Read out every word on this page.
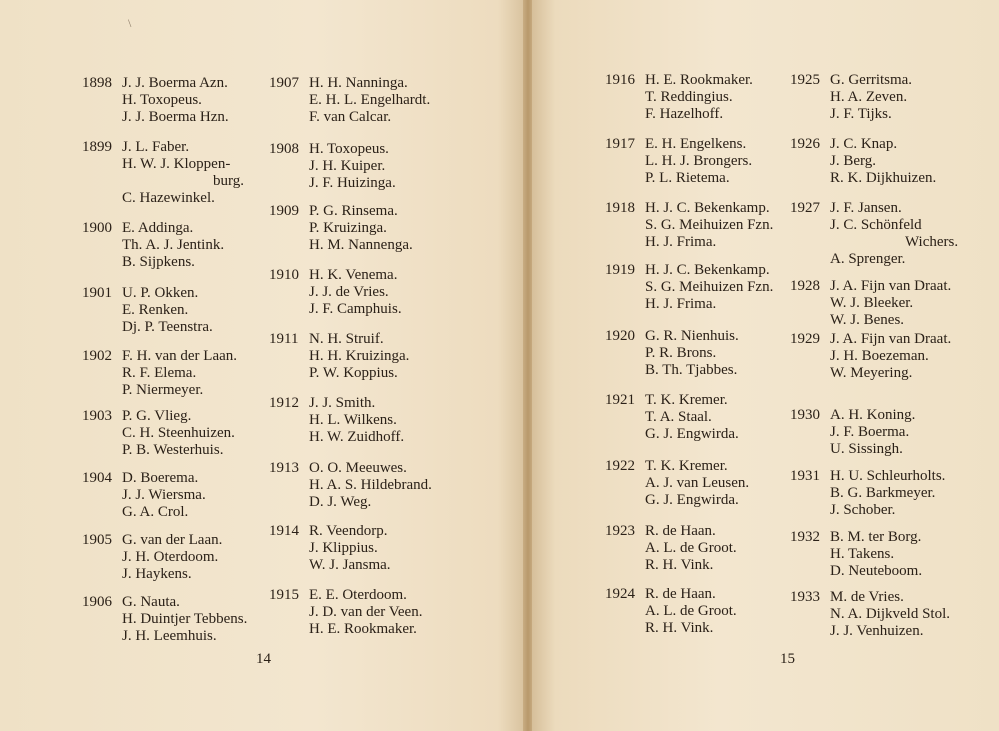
\
1898 J. J. Boerma Azn.
H. Toxopeus.
J. J. Boerma Hzn.
1899 J. L. Faber.
H. W. J. Kloppen-
burg.
C. Hazewinkel.
1900 E. Addinga.
Th. A. J. Jentink.
B. Sijpkens.
1901 U. P. Okken.
E. Renken.
Dj. P. Teenstra.
1902 F. H. van der Laan.
R. F. Elema.
P. Niermeyer.
1903 P. G. Vlieg.
C. H. Steenhuizen.
P. B. Westerhuis.
1904 D. Boerema.
J. J. Wiersma.
G. A. Crol.
1905 G. van der Laan.
J. H. Oterdoom.
J. Haykens.
1906 G. Nauta.
H. Duintjer Tebbens.
J. H. Leemhuis.
1907 H. H. Nanninga.
E. H. L. Engelhardt.
F. van Calcar.
1908 H. Toxopeus.
J. H. Kuiper.
J. F. Huizinga.
1909 P. G. Rinsema.
P. Kruizinga.
H. M. Nannenga.
1910 H. K. Venema.
J. J. de Vries.
J. F. Camphuis.
1911 N. H. Struif.
H. H. Kruizinga.
P. W. Koppius.
1912 J. J. Smith.
H. L. Wilkens.
H. W. Zuidhoff.
1913 O. O. Meeuwes.
H. A. S. Hildebrand.
D. J. Weg.
1914 R. Veendorp.
J. Klippius.
W. J. Jansma.
1915 E. E. Oterdoom.
J. D. van der Veen.
H. E. Rookmaker.
1916 H. E. Rookmaker.
T. Reddingius.
F. Hazelhoff.
1917 E. H. Engelkens.
L. H. J. Brongers.
P. L. Rietema.
1918 H. J. C. Bekenkamp.
S. G. Meihuizen Fzn.
H. J. Frima.
1919 H. J. C. Bekenkamp.
S. G. Meihuizen Fzn.
H. J. Frima.
1920 G. R. Nienhuis.
P. R. Brons.
B. Th. Tjabbes.
1921 T. K. Kremer.
T. A. Staal.
G. J. Engwirda.
1922 T. K. Kremer.
A. J. van Leusen.
G. J. Engwirda.
1923 R. de Haan.
A. L. de Groot.
R. H. Vink.
1924 R. de Haan.
A. L. de Groot.
R. H. Vink.
1925 G. Gerritsma.
H. A. Zeven.
J. F. Tijks.
1926 J. C. Knap.
J. Berg.
R. K. Dijkhuizen.
1927 J. F. Jansen.
J. C. Schönfeld
Wichers.
A. Sprenger.
1928 J. A. Fijn van Draat.
W. J. Bleeker.
W. J. Benes.
1929 J. A. Fijn van Draat.
J. H. Boezeman.
W. Meyering.
1930 A. H. Koning.
J. F. Boerma.
U. Sissingh.
1931 H. U. Schleurholts.
B. G. Barkmeyer.
J. Schober.
1932 B. M. ter Borg.
H. Takens.
D. Neuteboom.
1933 M. de Vries.
N. A. Dijkveld Stol.
J. J. Venhuizen.
14	15
